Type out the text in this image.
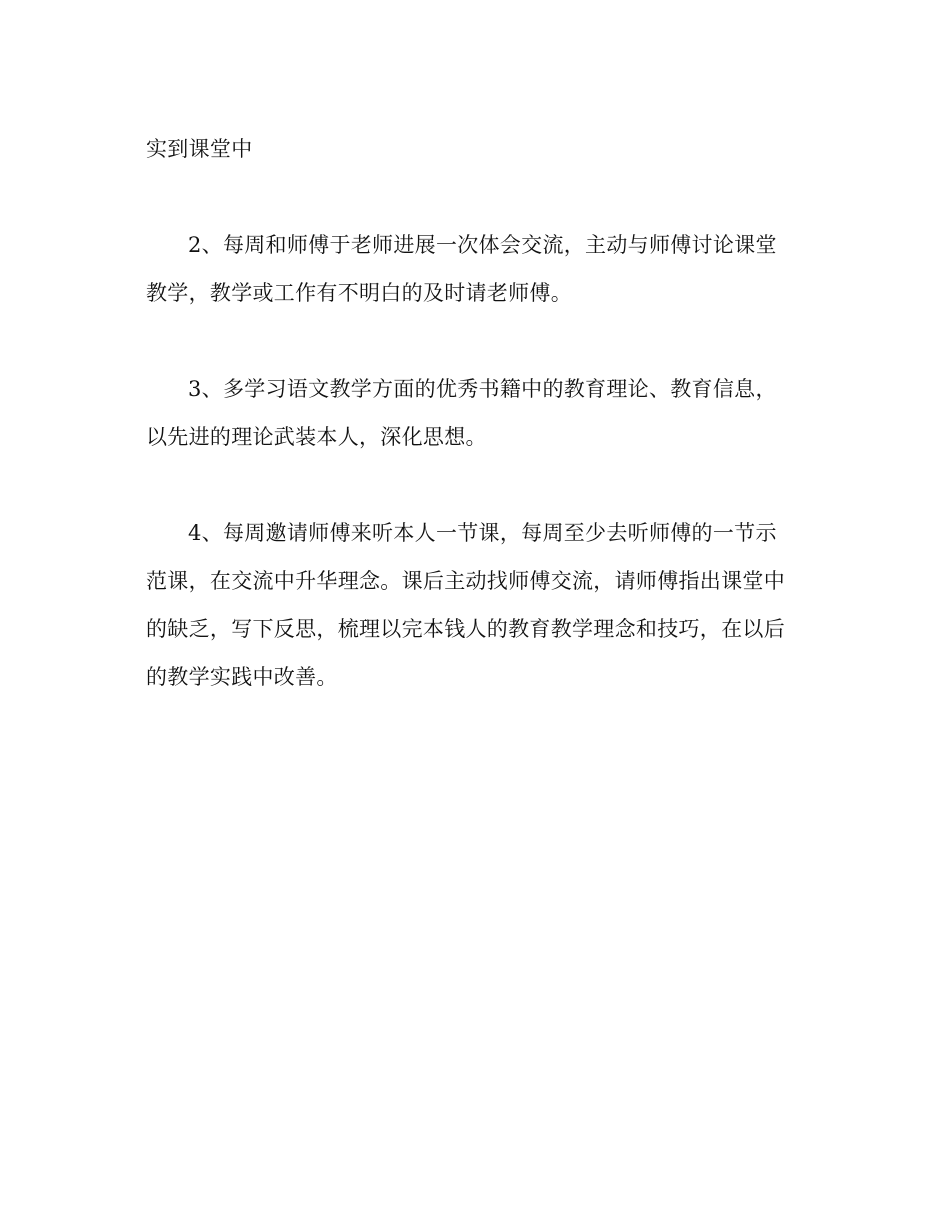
实到课堂中

2、每周和师傅于老师进展一次体会交流，主动与师傅讨论课堂
教学，教学或工作有不明白的及时请老师傅。

3、多学习语文教学方面的优秀书籍中的教育理论、教育信息，
以先进的理论武装本人，深化思想。

4、每周邀请师傅来听本人一节课，每周至少去听师傅的一节示
范课，在交流中升华理念。课后主动找师傅交流，请师傅指出课堂中
的缺乏，写下反思，梳理以完本钱人的教育教学理念和技巧，在以后
的教学实践中改善。
